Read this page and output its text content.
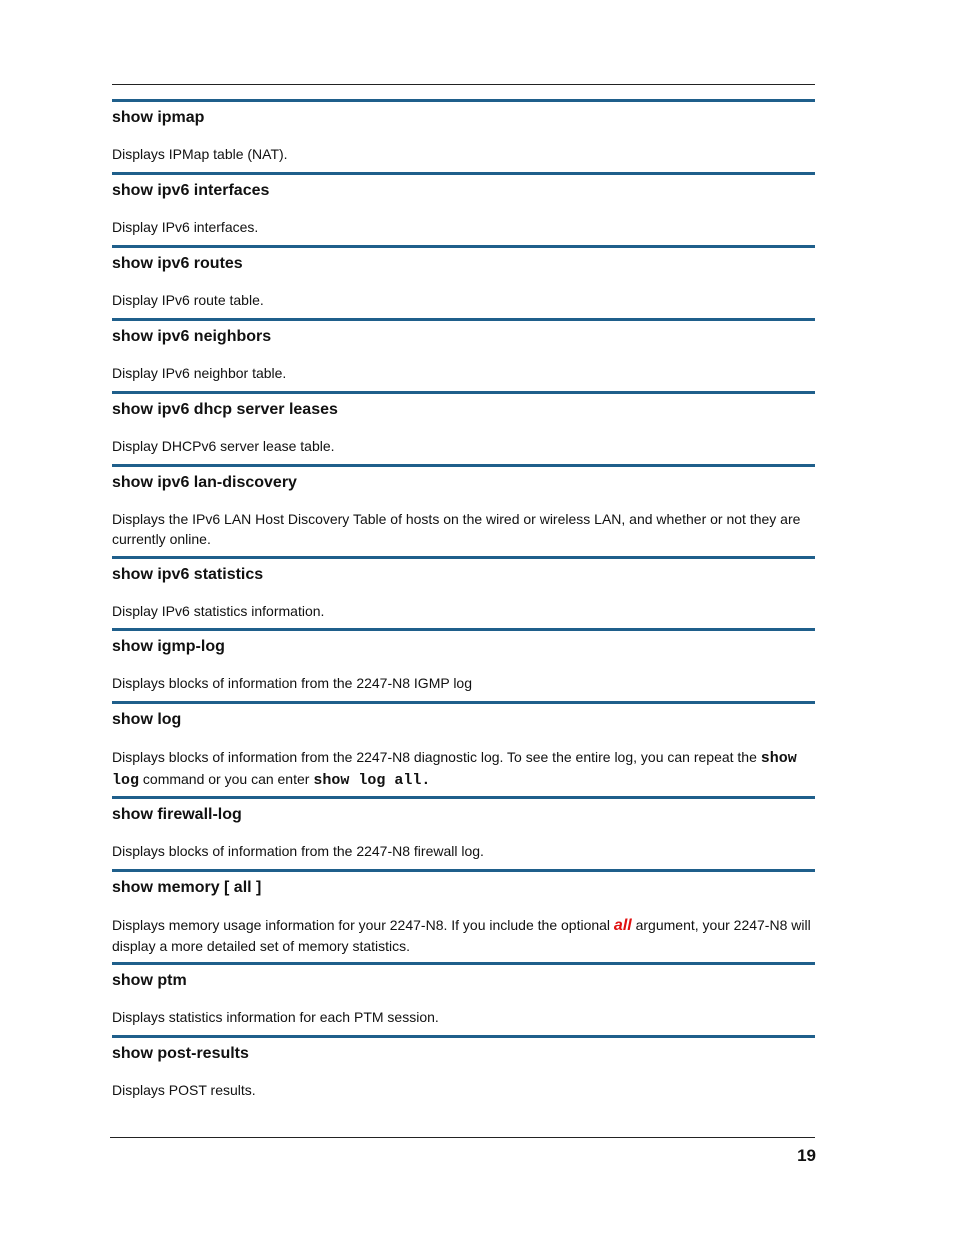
show ipmap

Displays IPMap table (NAT).

show ipv6 interfaces

Display IPv6 interfaces.

show ipv6 routes

Display IPv6 route table.

show ipv6 neighbors

Display IPv6 neighbor table.

show ipv6 dhcp server leases

Display DHCPv6 server lease table.

show ipv6 lan-discovery

Displays the IPv6 LAN Host Discovery Table of hosts on the wired or wireless LAN, and whether or not they are currently online.

show ipv6 statistics

Display IPv6 statistics information.

show igmp-log

Displays blocks of information from the 2247-N8 IGMP log

show log

Displays blocks of information from the 2247-N8 diagnostic log. To see the entire log, you can repeat the show log command or you can enter show log all.

show firewall-log

Displays blocks of information from the 2247-N8 firewall log.

show memory [ all ]

Displays memory usage information for your 2247-N8. If you include the optional all argument, your 2247-N8 will display a more detailed set of memory statistics.

show ptm

Displays statistics information for each PTM session.

show post-results

Displays POST results.

19
